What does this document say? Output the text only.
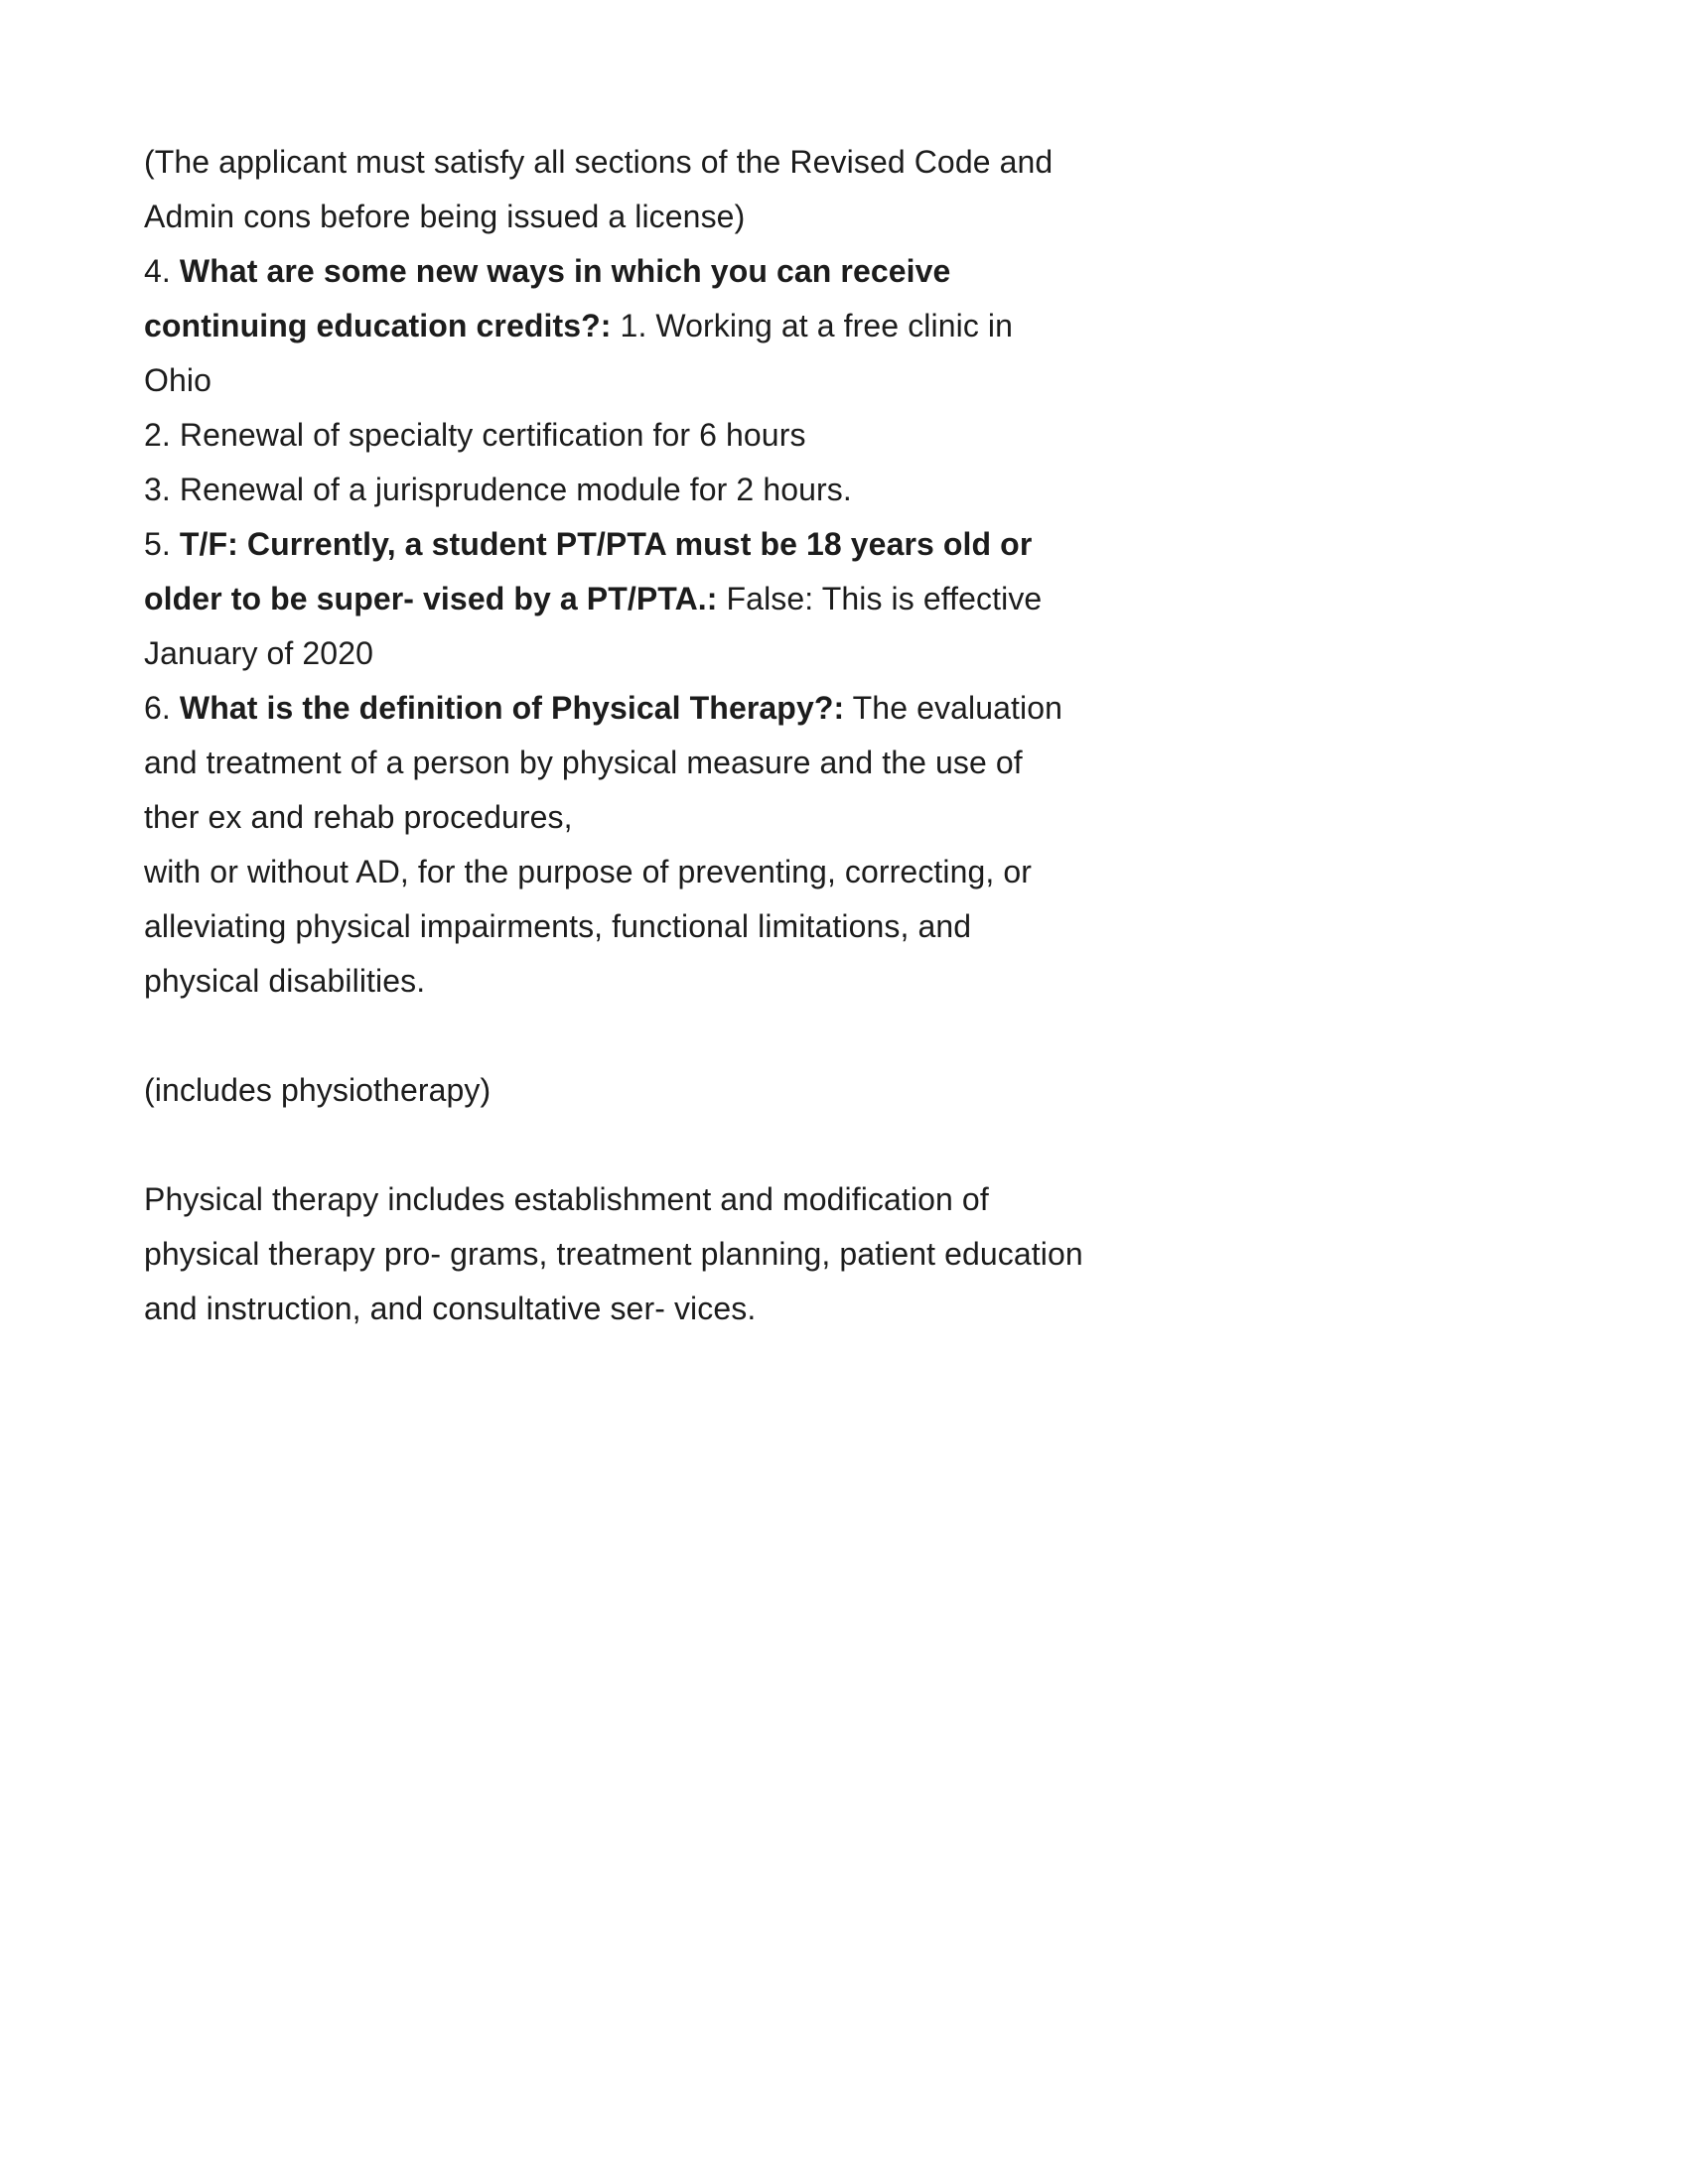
(The applicant must satisfy all sections of the Revised Code and
Admin cons before being issued a license)
4. What are some new ways in which you can receive
continuing education credits?: 1. Working at a free clinic in
Ohio
2. Renewal of specialty certification for 6 hours
3. Renewal of a jurisprudence module for 2 hours.
5. T/F: Currently, a student PT/PTA must be 18 years old or
older to be super- vised by a PT/PTA.: False: This is effective
January of 2020
6. What is the definition of Physical Therapy?: The evaluation
and treatment of a person by physical measure and the use of
ther ex and rehab procedures,
with or without AD, for the purpose of preventing, correcting, or
alleviating physical impairments, functional limitations, and
physical disabilities.

(includes physiotherapy)

Physical therapy includes establishment and modification of
physical therapy pro- grams, treatment planning, patient education
and instruction, and consultative ser- vices.
